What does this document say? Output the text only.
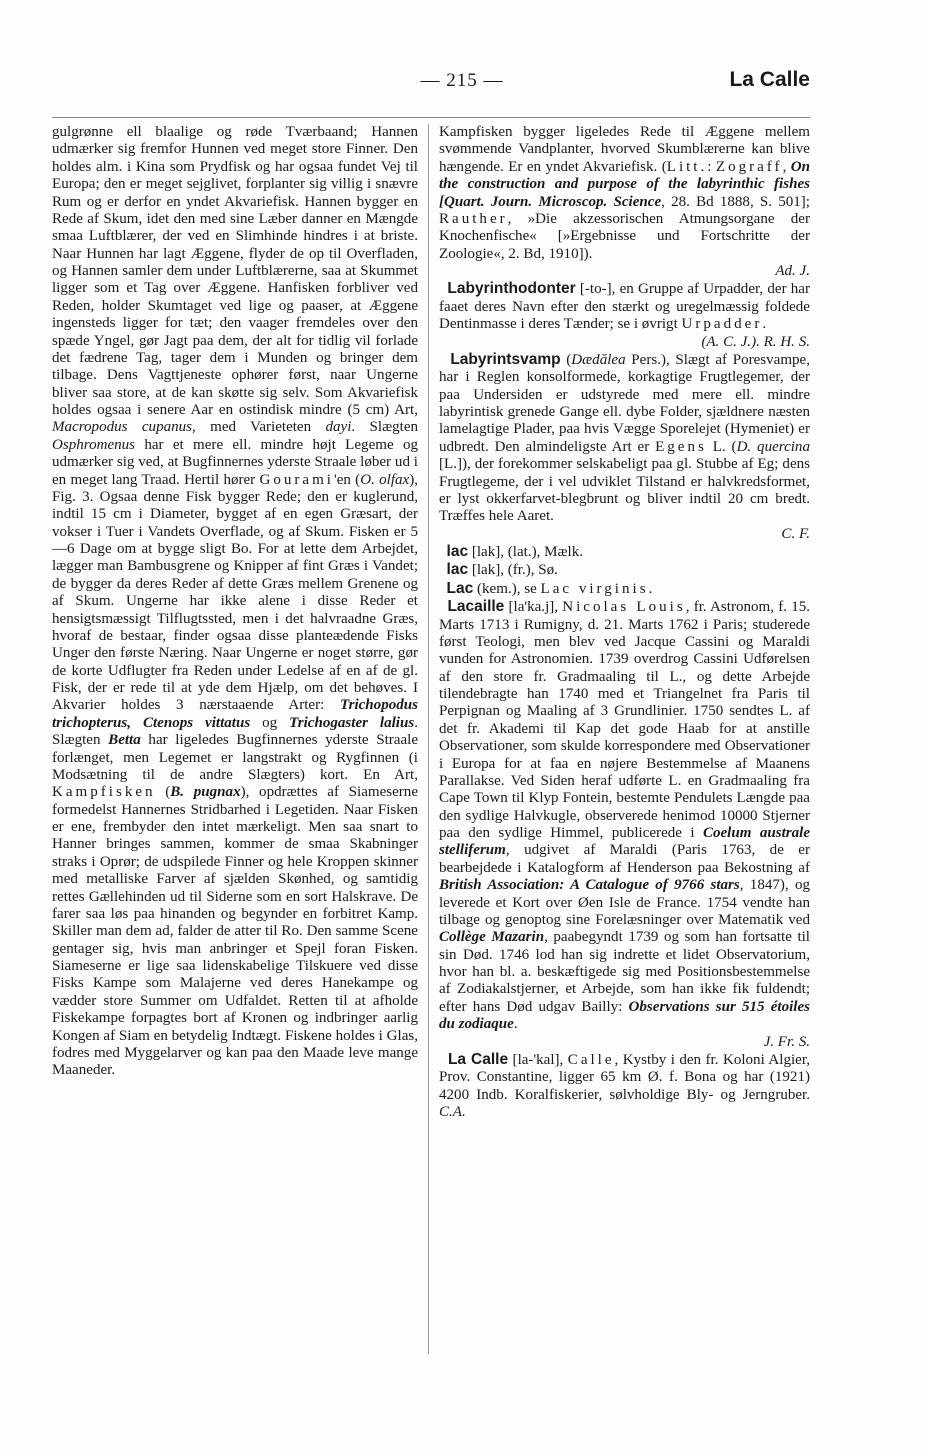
— 215 —	La Calle

gulgrønne ell blaalige og røde Tværbaand; Hannen udmærker sig fremfor Hunnen ved meget store Finner. Den holdes alm. i Kina som Prydfisk og har ogsaa fundet Vej til Europa; den er meget sejglivet, forplanter sig villig i snævre Rum og er derfor en yndet Akvariefisk. Hannen bygger en Rede af Skum, idet den med sine Læber danner en Mængde smaa Luftblærer, der ved en Slimhinde hindres i at briste. Naar Hunnen har lagt Æggene, flyder de op til Overfladen, og Hannen samler dem under Luftblærerne, saa at Skummet ligger som et Tag over Æggene. Hanfisken forbliver ved Reden, holder Skumtaget ved lige og paaser, at Æggene ingensteds ligger for tæt; den vaager fremdeles over den spæde Yngel, gør Jagt paa dem, der alt for tidlig vil forlade det fædrene Tag, tager dem i Munden og bringer dem tilbage. Dens Vagttjeneste ophører først, naar Ungerne bliver saa store, at de kan skøtte sig selv. Som Akvariefisk holdes ogsaa i senere Aar en ostindisk mindre (5 cm) Art, Macropodus cupanus, med Varieteten dayi. Slægten Osphromenus har et mere ell. mindre højt Legeme og udmærker sig ved, at Bugfinnernes yderste Straale løber ud i en meget lang Traad. Hertil hører Gourami'en (O. olfax), Fig. 3. Ogsaa denne Fisk bygger Rede; den er kuglerund, indtil 15 cm i Diameter, bygget af en egen Græsart, der vokser i Tuer i Vandets Overflade, og af Skum. Fisken er 5—6 Dage om at bygge sligt Bo. For at lette dem Arbejdet, lægger man Bambusgrene og Knipper af fint Græs i Vandet; de bygger da deres Reder af dette Græs mellem Grenene og af Skum. Ungerne har ikke alene i disse Reder et hensigtsmæssigt Tilflugtssted, men i det halvraadne Græs, hvoraf de bestaar, finder ogsaa disse planteædende Fisks Unger den første Næring. Naar Ungerne er noget større, gør de korte Udflugter fra Reden under Ledelse af en af de gl. Fisk, der er rede til at yde dem Hjælp, om det behøves. I Akvarier holdes 3 nærstaaende Arter: Trichopodus trichopterus, Ctenops vittatus og Trichogaster lalius. Slægten Betta har ligeledes Bugfinnernes yderste Straale forlænget, men Legemet er langstrakt og Rygfinnen (i Modsætning til de andre Slægters) kort. En Art, Kampfisken (B. pugnax), opdrættes af Siameserne formedelst Hannernes Stridbarhed i Legetiden. Naar Fisken er ene, frembyder den intet mærkeligt. Men saa snart to Hanner bringes sammen, kommer de smaa Skabninger straks i Oprør; de udspilede Finner og hele Kroppen skinner med metalliske Farver af sjælden Skønhed, og samtidig rettes Gællehinden ud til Siderne som en sort Halskrave. De farer saa løs paa hinanden og begynder en forbitret Kamp. Skiller man dem ad, falder de atter til Ro. Den samme Scene gentager sig, hvis man anbringer et Spejl foran Fisken. Siameserne er lige saa lidenskabelige Tilskuere ved disse Fisks Kampe som Malajerne ved deres Hanekampe og vædder store Summer om Udfaldet. Retten til at afholde Fiskekampe forpagtes bort af Kronen og indbringer aarlig Kongen af Siam en betydelig Indtægt. Fiskene holdes i Glas, fodres med Myggelarver og kan paa den Maade leve mange Maaneder.

Kampfisken bygger ligeledes Rede til Æggene mellem svømmende Vandplanter, hvorved Skumblærerne kan blive hængende. Er en yndet Akvariefisk. (Litt.: Zograff, On the construction and purpose of the labyrinthic fishes [Quart. Journ. Microscop. Science, 28. Bd 1888, S. 501]; Rauther, »Die akzessorischen Atmungsorgane der Knochenfische« [»Ergebnisse und Fortschritte der Zoologie«, 2. Bd, 1910]).

Ad. J.

Labyrinthodonter [-to-], en Gruppe af Urpadder, der har faaet deres Navn efter den stærkt og uregelmæssig foldede Dentinmasse i deres Tænder; se i øvrigt Urpadder.

(A. C. J.). R. H. S.

Labyrintsvamp (Dædălea Pers.), Slægt af Poresvampe, har i Reglen konsolformede, korkagtige Frugtlegemer, der paa Undersiden er udstyrede med mere ell. mindre labyrintisk grenede Gange ell. dybe Folder, sjældnere næsten lamelagtige Plader, paa hvis Vægge Sporelejet (Hymeniet) er udbredt. Den almindeligste Art er Egens L. (D. quercina [L.]), der forekommer selskabeligt paa gl. Stubbe af Eg; dens Frugtlegeme, der i vel udviklet Tilstand er halvkredsformet, er lyst okkerfarvet-blegbrunt og bliver indtil 20 cm bredt. Træffes hele Aaret.

C. F.

lac [lak], (lat.), Mælk.

lac [lak], (fr.), Sø.

Lac (kem.), se Lac virginis.

Lacaille [la'ka.j], Nicolas Louis, fr. Astronom, f. 15. Marts 1713 i Rumigny, d. 21. Marts 1762 i Paris; studerede først Teologi, men blev ved Jacque Cassini og Maraldi vunden for Astronomien. 1739 overdrog Cassini Udførelsen af den store fr. Gradmaaling til L., og dette Arbejde tilendebragte han 1740 med et Triangelnet fra Paris til Perpignan og Maaling af 3 Grundlinier. 1750 sendtes L. af det fr. Akademi til Kap det gode Haab for at anstille Observationer, som skulde korrespondere med Observationer i Europa for at faa en nøjere Bestemmelse af Maanens Parallakse. Ved Siden heraf udførte L. en Gradmaaling fra Cape Town til Klyp Fontein, bestemte Pendulets Længde paa den sydlige Halvkugle, observerede henimod 10000 Stjerner paa den sydlige Himmel, publicerede i Coelum australe stelliferum, udgivet af Maraldi (Paris 1763, de er bearbejdede i Katalogform af Henderson paa Bekostning af British Association: A Catalogue of 9766 stars, 1847), og leverede et Kort over Øen Isle de France. 1754 vendte han tilbage og genoptog sine Forelæsninger over Matematik ved Collège Mazarin, paabegyndt 1739 og som han fortsatte til sin Død. 1746 lod han sig indrette et lidet Observatorium, hvor han bl. a. beskæftigede sig med Positionsbestemmelse af Zodiakalstjerner, et Arbejde, som han ikke fik fuldendt; efter hans Død udgav Bailly: Observations sur 515 étoiles du zodiaque.

J. Fr. S.

La Calle [la-'kal], Calle, Kystby i den fr. Koloni Algier, Prov. Constantine, ligger 65 km Ø. f. Bona og har (1921) 4200 Indb. Koralfiskerier, sølvholdige Bly- og Jerngruber. C.A.
